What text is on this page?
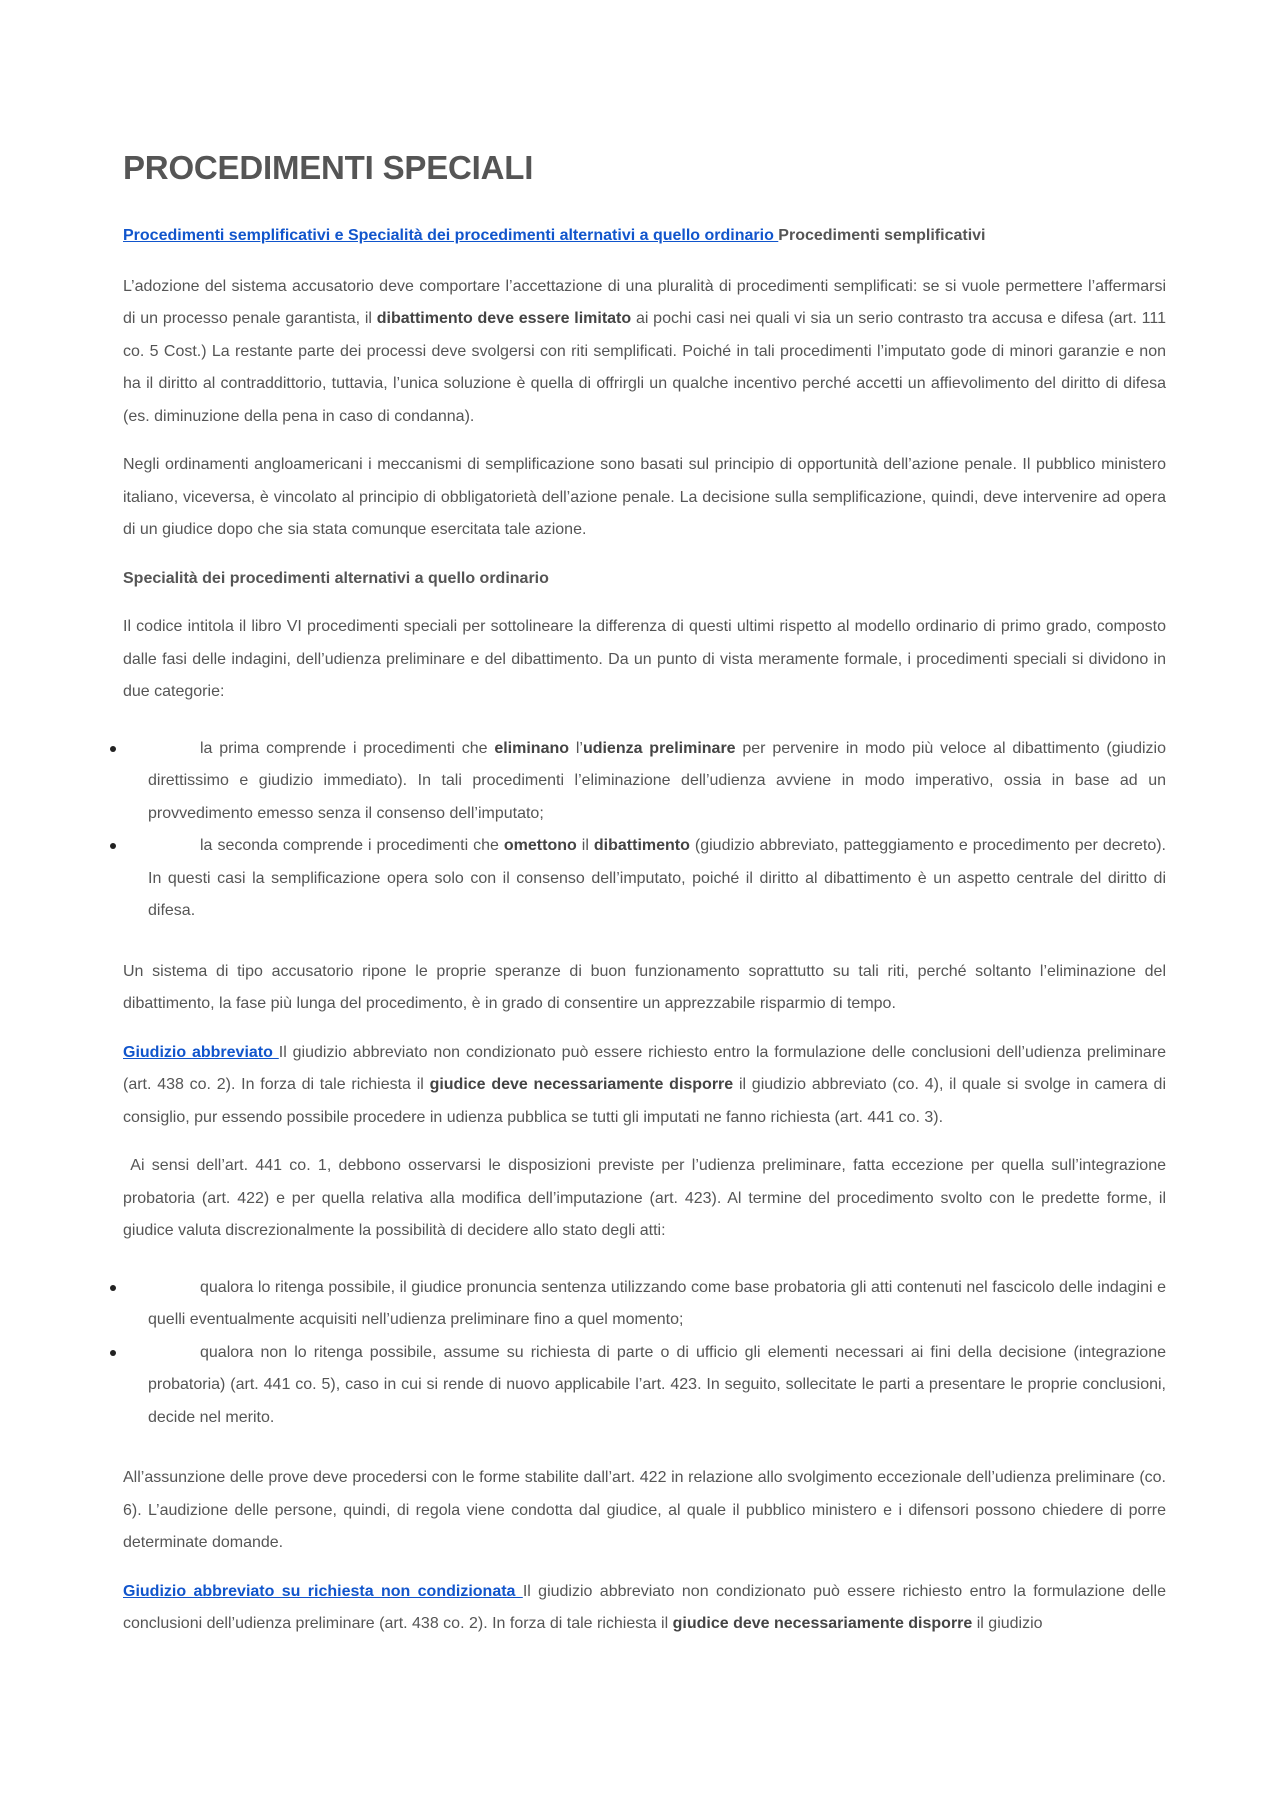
PROCEDIMENTI SPECIALI

Procedimenti semplificativi e Specialità dei procedimenti alternativi a quello ordinario Procedimenti semplificativi

L’adozione del sistema accusatorio deve comportare l’accettazione di una pluralità di procedimenti semplificati: se si vuole permettere l’affermarsi di un processo penale garantista, il dibattimento deve essere limitato ai pochi casi nei quali vi sia un serio contrasto tra accusa e difesa (art. 111 co. 5 Cost.) La restante parte dei processi deve svolgersi con riti semplificati. Poiché in tali procedimenti l’imputato gode di minori garanzie e non ha il diritto al contraddittorio, tuttavia, l’unica soluzione è quella di offrirgli un qualche incentivo perché accetti un affievolimento del diritto di difesa (es. diminuzione della pena in caso di condanna).

Negli ordinamenti angloamericani i meccanismi di semplificazione sono basati sul principio di opportunità dell’azione penale. Il pubblico ministero italiano, viceversa, è vincolato al principio di obbligatorietà dell’azione penale. La decisione sulla semplificazione, quindi, deve intervenire ad opera di un giudice dopo che sia stata comunque esercitata tale azione.

Specialità dei procedimenti alternativi a quello ordinario

Il codice intitola il libro VI procedimenti speciali per sottolineare la differenza di questi ultimi rispetto al modello ordinario di primo grado, composto dalle fasi delle indagini, dell’udienza preliminare e del dibattimento. Da un punto di vista meramente formale, i procedimenti speciali si dividono in due categorie:

la prima comprende i procedimenti che eliminano l’udienza preliminare per pervenire in modo più veloce al dibattimento (giudizio direttissimo e giudizio immediato). In tali procedimenti l’eliminazione dell’udienza avviene in modo imperativo, ossia in base ad un provvedimento emesso senza il consenso dell’imputato;
la seconda comprende i procedimenti che omettono il dibattimento (giudizio abbreviato, patteggiamento e procedimento per decreto). In questi casi la semplificazione opera solo con il consenso dell’imputato, poiché il diritto al dibattimento è un aspetto centrale del diritto di difesa.

Un sistema di tipo accusatorio ripone le proprie speranze di buon funzionamento soprattutto su tali riti, perché soltanto l’eliminazione del dibattimento, la fase più lunga del procedimento, è in grado di consentire un apprezzabile risparmio di tempo.

Giudizio abbreviato Il giudizio abbreviato non condizionato può essere richiesto entro la formulazione delle conclusioni dell’udienza preliminare (art. 438 co. 2). In forza di tale richiesta il giudice deve necessariamente disporre il giudizio abbreviato (co. 4), il quale si svolge in camera di consiglio, pur essendo possibile procedere in udienza pubblica se tutti gli imputati ne fanno richiesta (art. 441 co. 3).

Ai sensi dell’art. 441 co. 1, debbono osservarsi le disposizioni previste per l’udienza preliminare, fatta eccezione per quella sull’integrazione probatoria (art. 422) e per quella relativa alla modifica dell’imputazione (art. 423). Al termine del procedimento svolto con le predette forme, il giudice valuta discrezionalmente la possibilità di decidere allo stato degli atti:

qualora lo ritenga possibile, il giudice pronuncia sentenza utilizzando come base probatoria gli atti contenuti nel fascicolo delle indagini e quelli eventualmente acquisiti nell’udienza preliminare fino a quel momento;
qualora non lo ritenga possibile, assume su richiesta di parte o di ufficio gli elementi necessari ai fini della decisione (integrazione probatoria) (art. 441 co. 5), caso in cui si rende di nuovo applicabile l’art. 423. In seguito, sollecitate le parti a presentare le proprie conclusioni, decide nel merito.

All’assunzione delle prove deve procedersi con le forme stabilite dall’art. 422 in relazione allo svolgimento eccezionale dell’udienza preliminare (co. 6). L’audizione delle persone, quindi, di regola viene condotta dal giudice, al quale il pubblico ministero e i difensori possono chiedere di porre determinate domande.

Giudizio abbreviato su richiesta non condizionata Il giudizio abbreviato non condizionato può essere richiesto entro la formulazione delle conclusioni dell’udienza preliminare (art. 438 co. 2). In forza di tale richiesta il giudice deve necessariamente disporre il giudizio
